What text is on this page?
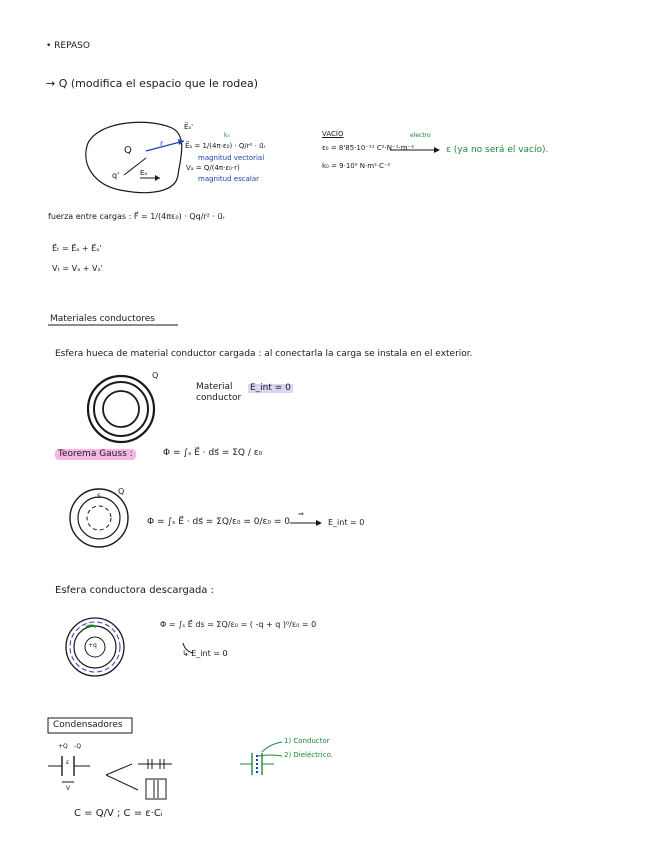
• REPASO
→ Q (modifica el espacio que le rodea)
Q
q'
r
Eₐ
E⃗ₐ'
E⃗ₐ = 1/(4π·ε₀) · Q/r² · u⃗ᵣ
k₀
magnitud vectorial
Vₐ = Q/(4π·ε₀·r)
magnitud escalar
VACÍO
ε₀ = 8'85·10⁻¹² C²·N⁻¹·m⁻²
k₀ = 9·10⁹ N·m²·C⁻²
electro
ε (ya no será el vacío).
fuerza entre cargas : F⃗ = 1/(4πε₀) · Qq/r² · u⃗ᵣ
E⃗ₜ = E⃗ₐ + E⃗ₐ'
Vₜ = Vₐ + Vₐ'
Materiales conductores
Esfera hueca de material conductor cargada : al conectarla la carga se instala en el exterior.
Q
Material
conductor
E_int = 0
Teorema Gauss :	Φ = ∫ₛ E⃗ · ds⃗ = ΣQ / ε₀
Q
S
Φ = ∫ₛ E⃗ · ds⃗ = ΣQ/ε₀ = 0/ε₀ = 0
⇒
E_int = 0
Esfera conductora descargada :
+q
Φ = ∫ₛ E⃗ ds = ΣQ/ε₀ = ( -q + q )⁰/ε₀ = 0
↳ E_int = 0
Condensadores
+Q -Q
ε
V
1) Conductor
2) Dieléctrico.
C = Q/V ; C = ε·Cᵢ
